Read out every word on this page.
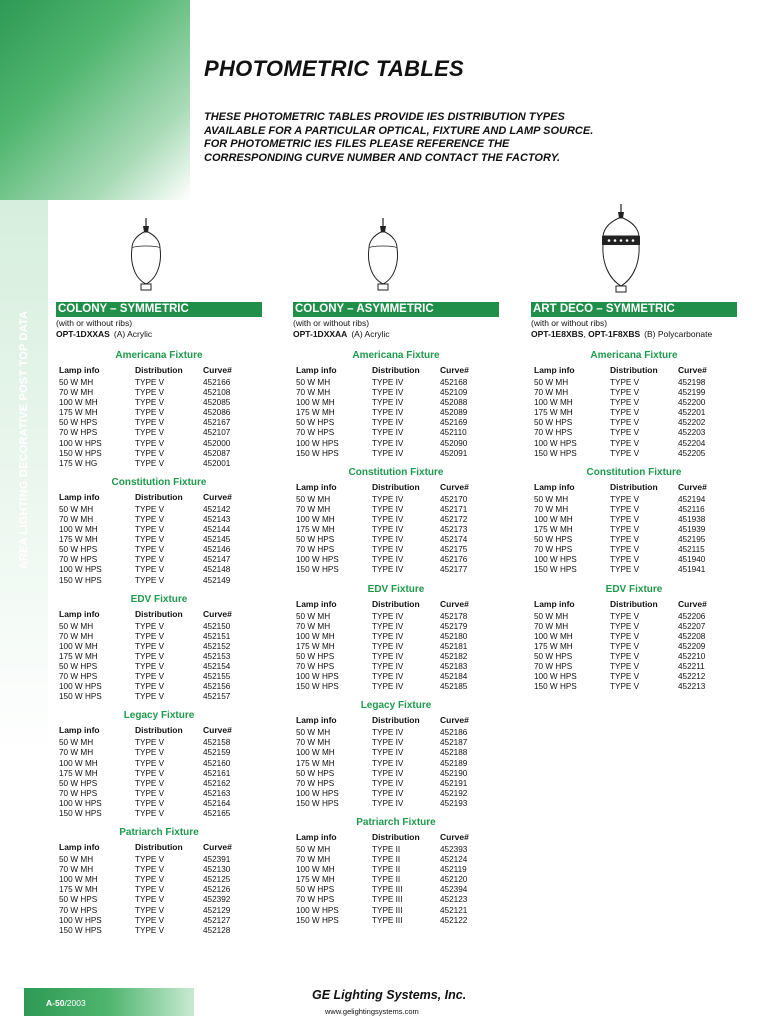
AREA LIGHTING DECORATIVE POST TOP DATA
PHOTOMETRIC TABLES

THESE PHOTOMETRIC TABLES PROVIDE IES DISTRIBUTION TYPES AVAILABLE FOR A PARTICULAR OPTICAL, FIXTURE AND LAMP SOURCE. FOR PHOTOMETRIC IES FILES PLEASE REFERENCE THE CORRESPONDING CURVE NUMBER AND CONTACT THE FACTORY.

COLONY – SYMMETRIC
(with or without ribs)
OPT-1DXXAS (A) Acrylic
Americana Fixture
Lamp info	Distribution Curve#
50 W MH	TYPE V	452166
70 W MH	TYPE V	452108
100 W MH	TYPE V	452085
175 W MH	TYPE V	452086
50 W HPS	TYPE V	452167
70 W HPS	TYPE V	452107
100 W HPS	TYPE V	452000
150 W HPS	TYPE V	452087
175 W HG	TYPE V	452001
Constitution Fixture
Lamp info	Distribution Curve#
50 W MH	TYPE V	452142
70 W MH	TYPE V	452143
100 W MH	TYPE V	452144
175 W MH	TYPE V	452145
50 W HPS	TYPE V	452146
70 W HPS	TYPE V	452147
100 W HPS	TYPE V	452148
150 W HPS	TYPE V	452149
EDV Fixture
Lamp info	Distribution Curve#
50 W MH	TYPE V	452150
70 W MH	TYPE V	452151
100 W MH	TYPE V	452152
175 W MH	TYPE V	452153
50 W HPS	TYPE V	452154
70 W HPS	TYPE V	452155
100 W HPS	TYPE V	452156
150 W HPS	TYPE V	452157
Legacy Fixture
Lamp info	Distribution Curve#
50 W MH	TYPE V	452158
70 W MH	TYPE V	452159
100 W MH	TYPE V	452160
175 W MH	TYPE V	452161
50 W HPS	TYPE V	452162
70 W HPS	TYPE V	452163
100 W HPS	TYPE V	452164
150 W HPS	TYPE V	452165
Patriarch Fixture
Lamp info	Distribution Curve#
50 W MH	TYPE V	452391
70 W MH	TYPE V	452130
100 W MH	TYPE V	452125
175 W MH	TYPE V	452126
50 W HPS	TYPE V	452392
70 W HPS	TYPE V	452129
100 W HPS	TYPE V	452127
150 W HPS	TYPE V	452128
COLONY – ASYMMETRIC
(with or without ribs)
OPT-1DXXAA (A) Acrylic
Americana Fixture
Lamp info	Distribution Curve#
50 W MH	TYPE IV	452168
70 W MH	TYPE IV	452109
100 W MH	TYPE IV	452088
175 W MH	TYPE IV	452089
50 W HPS	TYPE IV	452169
70 W HPS	TYPE IV	452110
100 W HPS	TYPE IV	452090
150 W HPS	TYPE IV	452091
Constitution Fixture
Lamp info	Distribution Curve#
50 W MH	TYPE IV	452170
70 W MH	TYPE IV	452171
100 W MH	TYPE IV	452172
175 W MH	TYPE IV	452173
50 W HPS	TYPE IV	452174
70 W HPS	TYPE IV	452175
100 W HPS	TYPE IV	452176
150 W HPS	TYPE IV	452177
EDV Fixture
Lamp info	Distribution Curve#
50 W MH	TYPE IV	452178
70 W MH	TYPE IV	452179
100 W MH	TYPE IV	452180
175 W MH	TYPE IV	452181
50 W HPS	TYPE IV	452182
70 W HPS	TYPE IV	452183
100 W HPS	TYPE IV	452184
150 W HPS	TYPE IV	452185
Legacy Fixture
Lamp info	Distribution Curve#
50 W MH	TYPE IV	452186
70 W MH	TYPE IV	452187
100 W MH	TYPE IV	452188
175 W MH	TYPE IV	452189
50 W HPS	TYPE IV	452190
70 W HPS	TYPE IV	452191
100 W HPS	TYPE IV	452192
150 W HPS	TYPE IV	452193
Patriarch Fixture
Lamp info	Distribution Curve#
50 W MH	TYPE II	452393
70 W MH	TYPE II	452124
100 W MH	TYPE II	452119
175 W MH	TYPE II	452120
50 W HPS	TYPE III	452394
70 W HPS	TYPE III	452123
100 W HPS	TYPE III	452121
150 W HPS	TYPE III	452122
ART DECO – SYMMETRIC
(with or without ribs)
OPT-1E8XBS, OPT-1F8XBS (B) Polycarbonate
Americana Fixture
Lamp info	Distribution Curve#
50 W MH	TYPE V	452198
70 W MH	TYPE V	452199
100 W MH	TYPE V	452200
175 W MH	TYPE V	452201
50 W HPS	TYPE V	452202
70 W HPS	TYPE V	452203
100 W HPS	TYPE V	452204
150 W HPS	TYPE V	452205
Constitution Fixture
Lamp info	Distribution Curve#
50 W MH	TYPE V	452194
70 W MH	TYPE V	452116
100 W MH	TYPE V	451938
175 W MH	TYPE V	451939
50 W HPS	TYPE V	452195
70 W HPS	TYPE V	452115
100 W HPS	TYPE V	451940
150 W HPS	TYPE V	451941
EDV Fixture
Lamp info	Distribution Curve#
50 W MH	TYPE V	452206
70 W MH	TYPE V	452207
100 W MH	TYPE V	452208
175 W MH	TYPE V	452209
50 W HPS	TYPE V	452210
70 W HPS	TYPE V	452211
100 W HPS	TYPE V	452212
150 W HPS	TYPE V	452213
A-50/2003
GE Lighting Systems, Inc.
www.gelightingsystems.com
